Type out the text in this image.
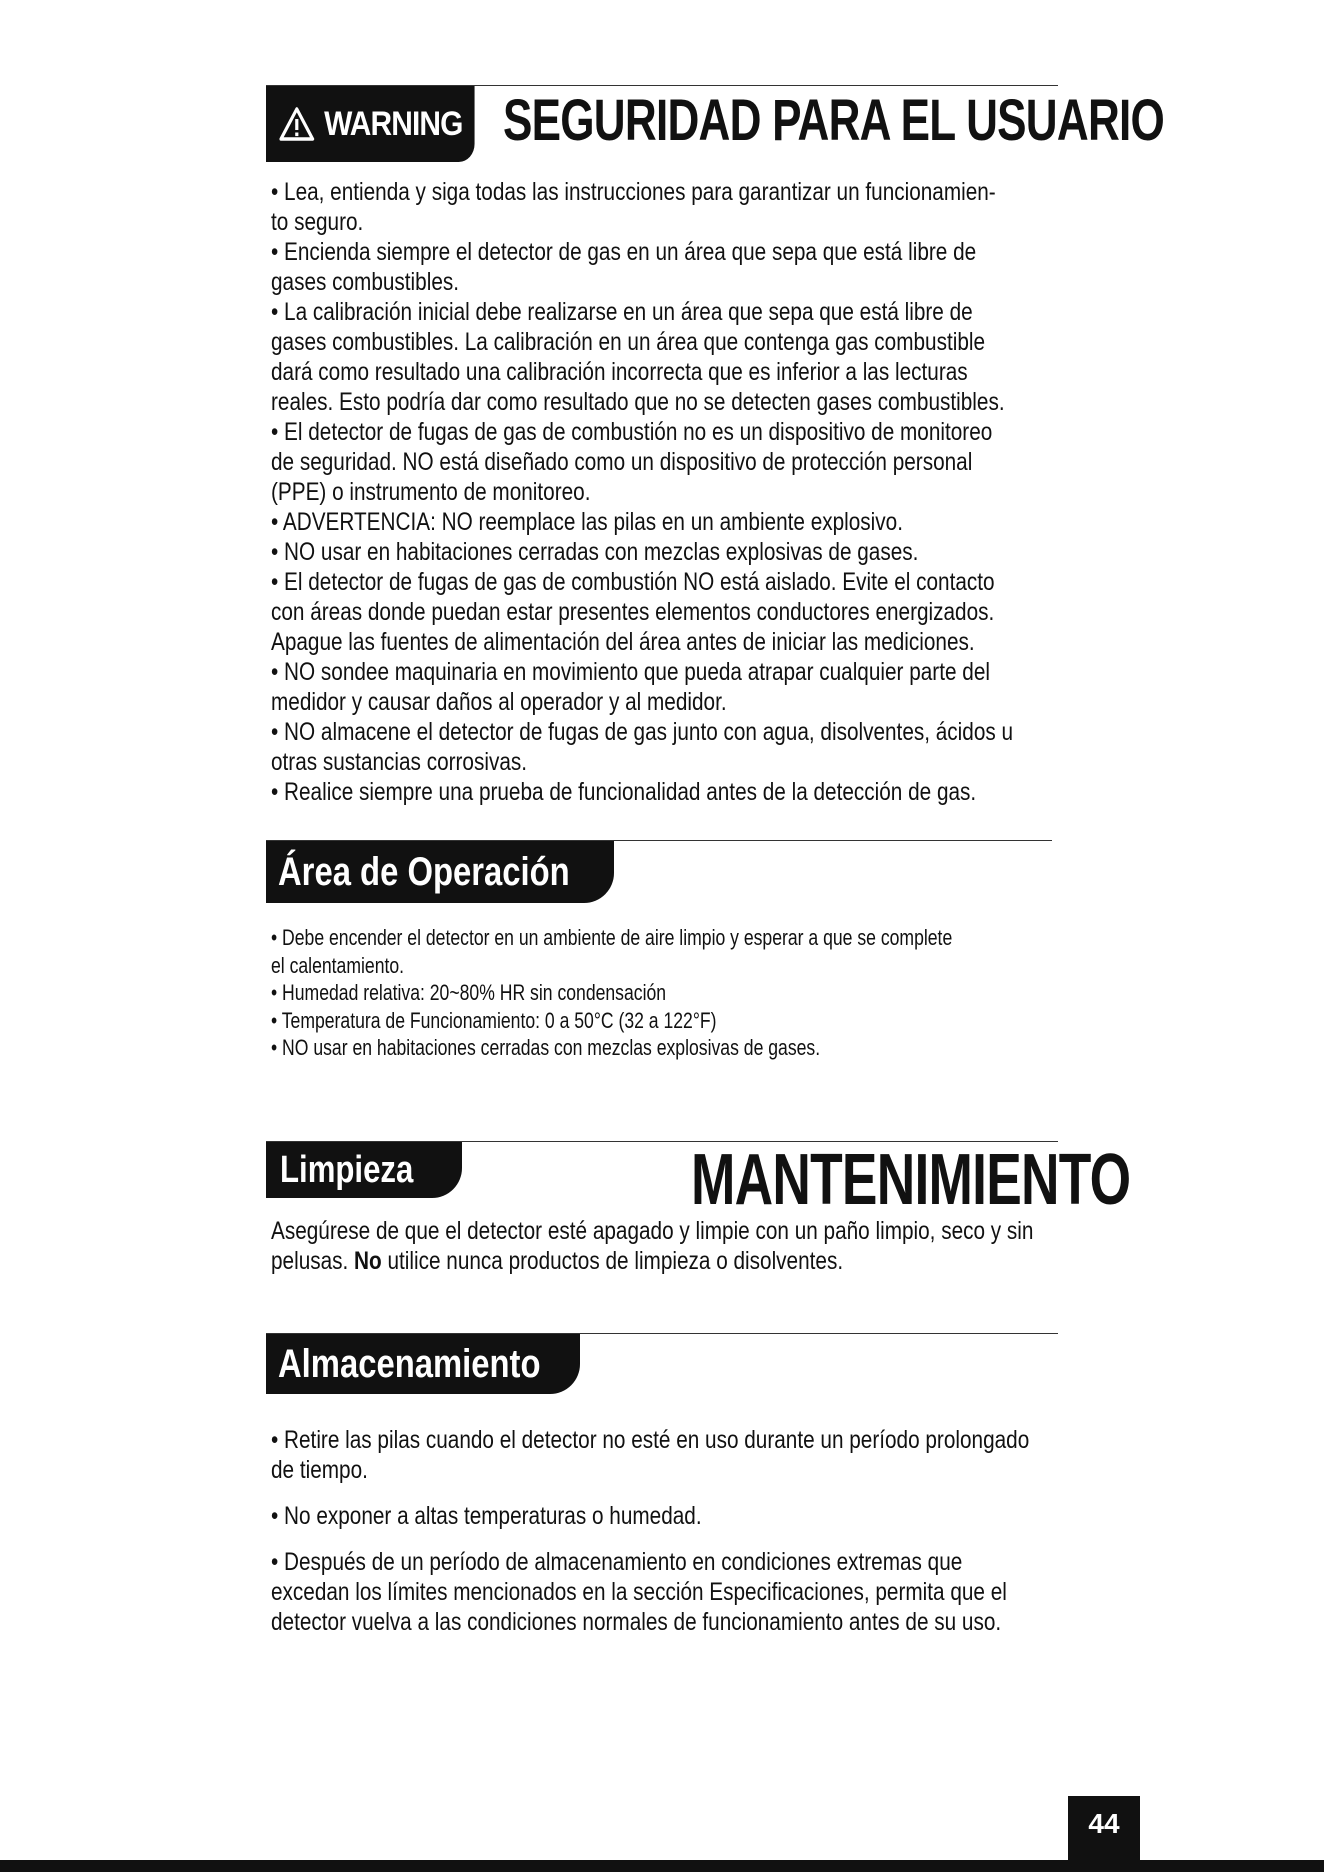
WARNING SEGURIDAD PARA EL USUARIO
• Lea, entienda y siga todas las instrucciones para garantizar un funcionamien-
to seguro.
• Encienda siempre el detector de gas en un área que sepa que está libre de
gases combustibles.
• La calibración inicial debe realizarse en un área que sepa que está libre de
gases combustibles. La calibración en un área que contenga gas combustible
dará como resultado una calibración incorrecta que es inferior a las lecturas
reales. Esto podría dar como resultado que no se detecten gases combustibles.
• El detector de fugas de gas de combustión no es un dispositivo de monitoreo
de seguridad. NO está diseñado como un dispositivo de protección personal
(PPE) o instrumento de monitoreo.
• ADVERTENCIA: NO reemplace las pilas en un ambiente explosivo.
• NO usar en habitaciones cerradas con mezclas explosivas de gases.
• El detector de fugas de gas de combustión NO está aislado. Evite el contacto
con áreas donde puedan estar presentes elementos conductores energizados.
Apague las fuentes de alimentación del área antes de iniciar las mediciones.
• NO sondee maquinaria en movimiento que pueda atrapar cualquier parte del
medidor y causar daños al operador y al medidor.
• NO almacene el detector de fugas de gas junto con agua, disolventes, ácidos u
otras sustancias corrosivas.
• Realice siempre una prueba de funcionalidad antes de la detección de gas.
Área de Operación
• Debe encender el detector en un ambiente de aire limpio y esperar a que se complete
el calentamiento.
• Humedad relativa: 20~80% HR sin condensación
• Temperatura de Funcionamiento: 0 a 50°C (32 a 122°F)
• NO usar en habitaciones cerradas con mezclas explosivas de gases.
Limpieza	MANTENIMIENTO
Asegúrese de que el detector esté apagado y limpie con un paño limpio, seco y sin
pelusas. No utilice nunca productos de limpieza o disolventes.
Almacenamiento
• Retire las pilas cuando el detector no esté en uso durante un período prolongado
de tiempo.
• No exponer a altas temperaturas o humedad.
• Después de un período de almacenamiento en condiciones extremas que
excedan los límites mencionados en la sección Especificaciones, permita que el
detector vuelva a las condiciones normales de funcionamiento antes de su uso.
44
